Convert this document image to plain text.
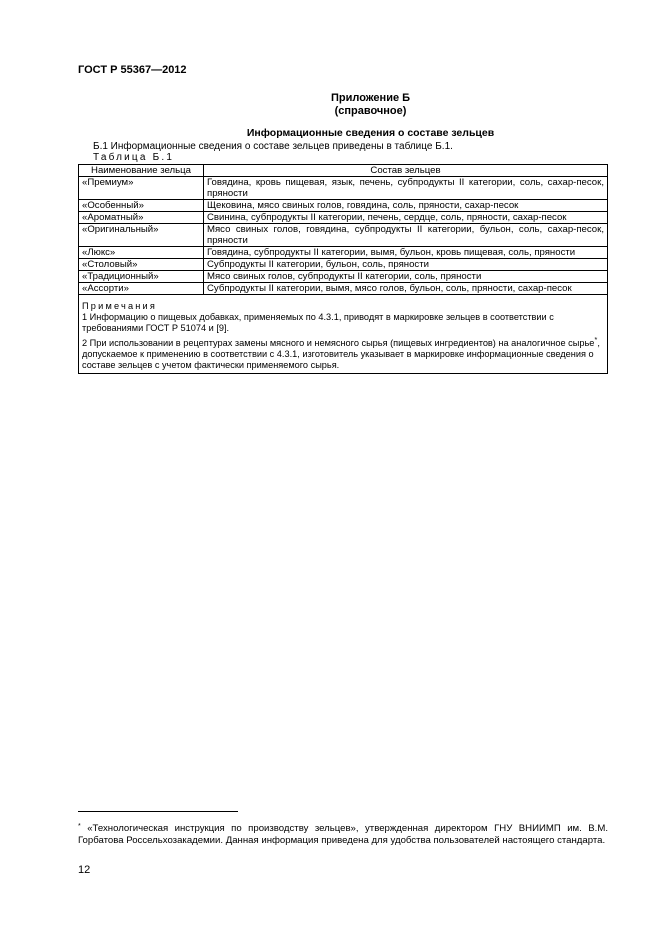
ГОСТ Р 55367—2012
Приложение Б
(справочное)
Информационные сведения о составе зельцев
Б.1 Информационные сведения о составе зельцев приведены в таблице Б.1.
Таблица Б.1
Наименование зельца	Состав зельцев
«Премиум»	Говядина, кровь пищевая, язык, печень, субпродукты II категории, соль, сахар-песок, пряности
«Особенный»	Щековина, мясо свиных голов, говядина, соль, пряности, сахар-песок
«Ароматный»	Свинина, субпродукты II категории, печень, сердце, соль, пряности, сахар-песок
«Оригинальный»	Мясо свиных голов, говядина, субпродукты II категории, бульон, соль, сахар-песок, пряности
«Люкс»	Говядина, субпродукты II категории, вымя, бульон, кровь пищевая, соль, пряности
«Столовый»	Субпродукты II категории, бульон, соль, пряности
«Традиционный»	Мясо свиных голов, субпродукты II категории, соль, пряности
«Ассорти»	Субпродукты II категории, вымя, мясо голов, бульон, соль, пряности, сахар-песок

Примечания
1 Информацию о пищевых добавках, применяемых по 4.3.1, приводят в маркировке зельцев в соответствии с требованиями ГОСТ Р 51074 и [9].
2 При использовании в рецептурах замены мясного и немясного сырья (пищевых ингредиентов) на аналогичное сырье*, допускаемое к применению в соответствии с 4.3.1, изготовитель указывает в маркировке информационные сведения о составе зельцев с учетом фактически применяемого сырья.	
* «Технологическая инструкция по производству зельцев», утвержденная директором ГНУ ВНИИМП им. В.М. Горбатова Россельхозакадемии. Данная информация приведена для удобства пользователей настоящего стандарта.
12
